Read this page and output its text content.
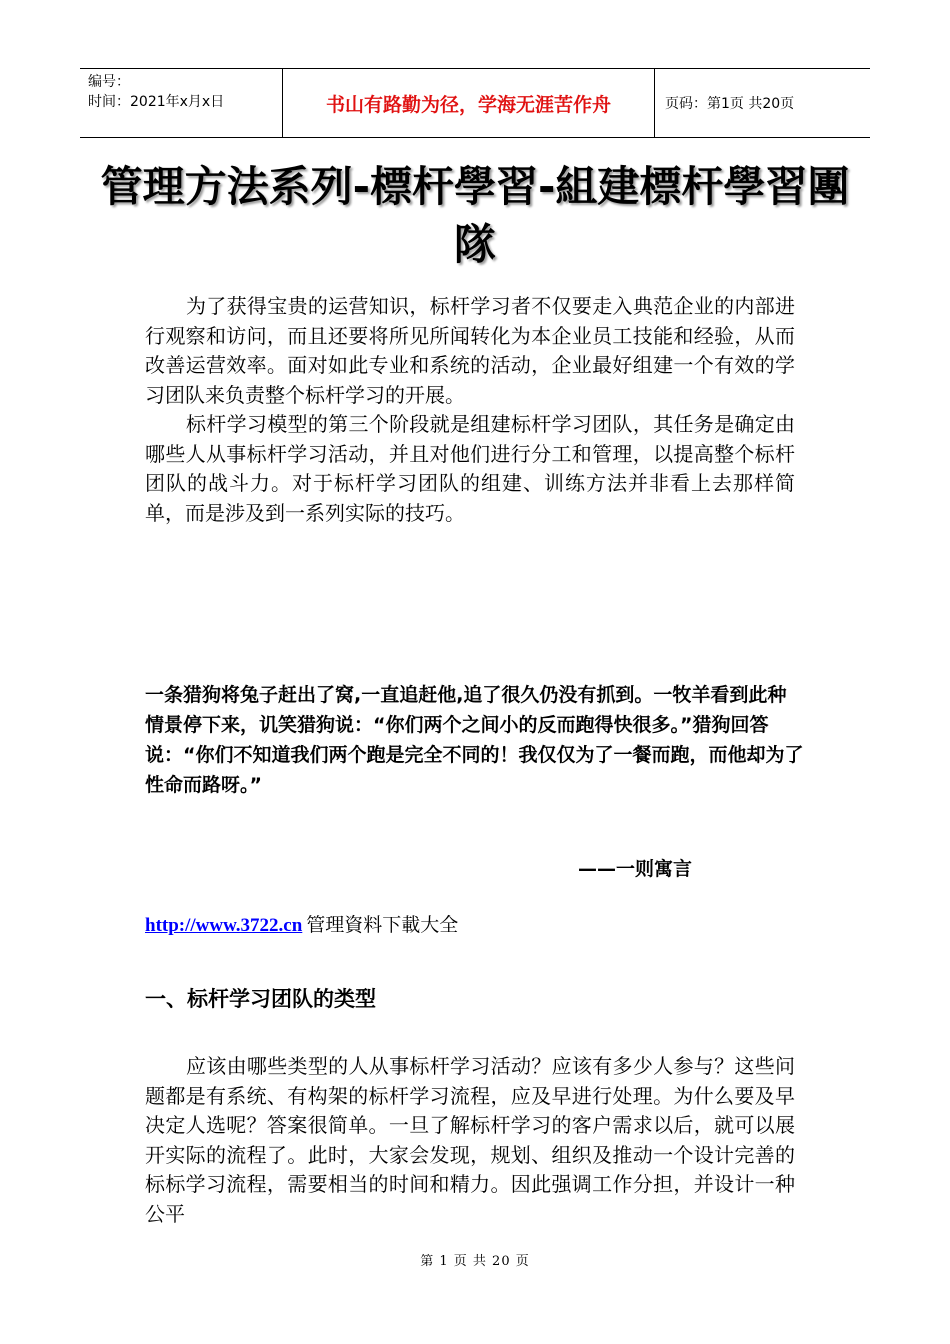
编号：
时间：2021年x月x日	书山有路勤为径，学海无涯苦作舟	页码：第1页 共20页
管理方法系列-標杆學習-組建標杆學習團隊

为了获得宝贵的运营知识，标杆学习者不仅要走入典范企业的内部进行观察和访问，而且还要将所见所闻转化为本企业员工技能和经验，从而改善运营效率。面对如此专业和系统的活动，企业最好组建一个有效的学习团队来负责整个标杆学习的开展。

标杆学习模型的第三个阶段就是组建标杆学习团队，其任务是确定由哪些人从事标杆学习活动，并且对他们进行分工和管理，以提高整个标杆团队的战斗力。对于标杆学习团队的组建、训练方法并非看上去那样简单，而是涉及到一系列实际的技巧。

一条猎狗将兔子赶出了窝,一直追赶他,追了很久仍没有抓到。一牧羊看到此种情景停下来，讥笑猎狗说：“你们两个之间小的反而跑得快很多。”猎狗回答说：“你们不知道我们两个跑是完全不同的！我仅仅为了一餐而跑，而他却为了性命而路呀。”
——一则寓言
http://www.3722.cn 管理資料下載大全
一、标杆学习团队的类型

应该由哪些类型的人从事标杆学习活动？应该有多少人参与？这些问题都是有系统、有构架的标杆学习流程，应及早进行处理。为什么要及早决定人选呢？答案很简单。一旦了解标杆学习的客户需求以后，就可以展开实际的流程了。此时，大家会发现，规划、组织及推动一个设计完善的标标学习流程，需要相当的时间和精力。因此强调工作分担，并设计一种公平

第 1 页 共 20 页
